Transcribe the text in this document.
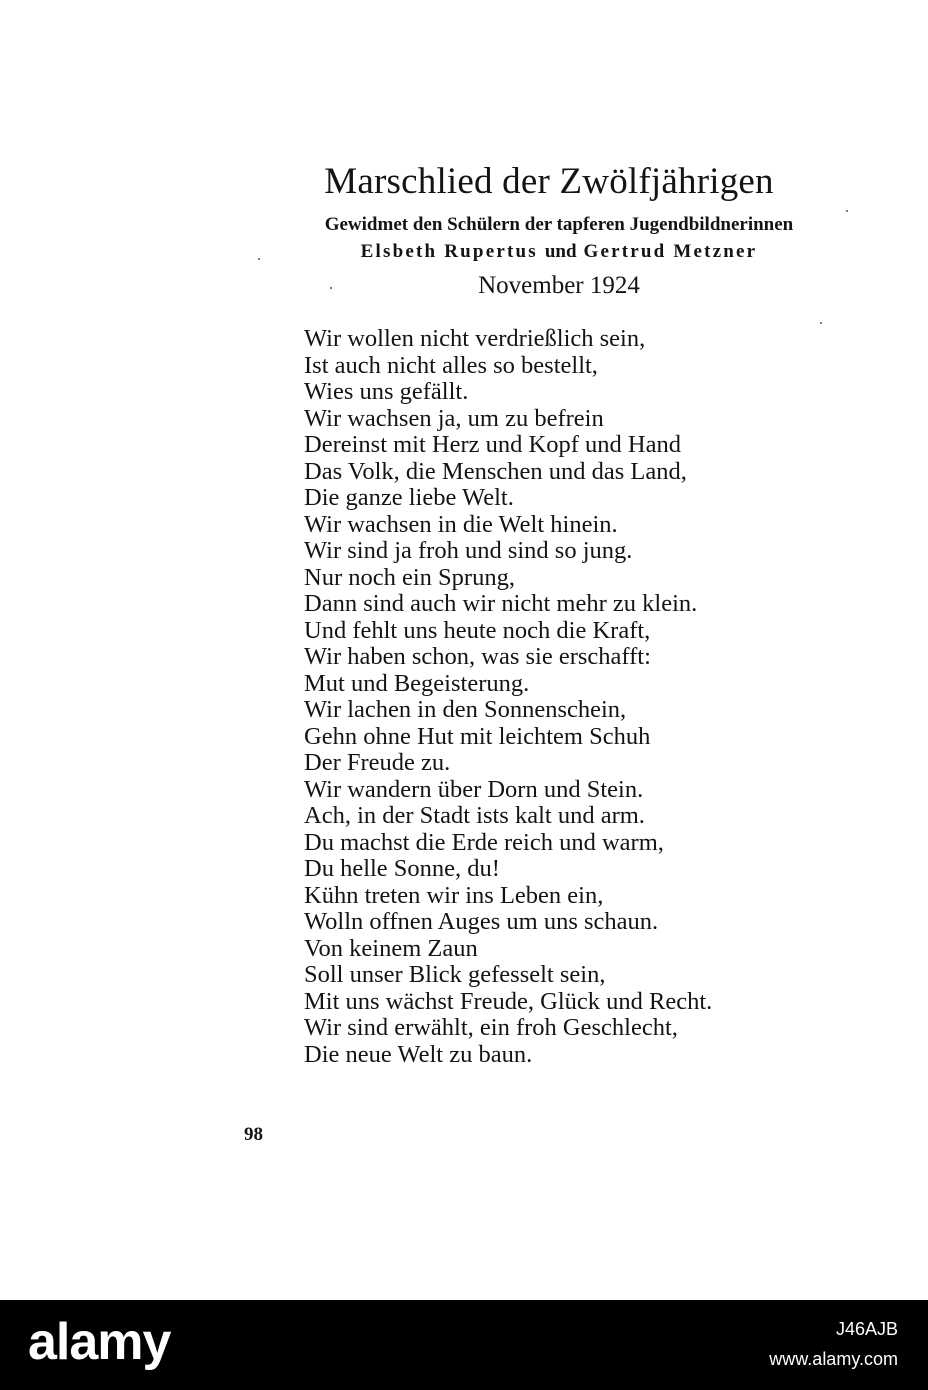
Marschlied der Zwölfjährigen
Gewidmet den Schülern der tapferen Jugendbildnerinnen
Elsbeth Rupertus und Gertrud Metzner
November 1924
Wir wollen nicht verdrießlich sein,
Ist auch nicht alles so bestellt,
Wies uns gefällt.
Wir wachsen ja, um zu befrein
Dereinst mit Herz und Kopf und Hand
Das Volk, die Menschen und das Land,
Die ganze liebe Welt.
Wir wachsen in die Welt hinein.
Wir sind ja froh und sind so jung.
Nur noch ein Sprung,
Dann sind auch wir nicht mehr zu klein.
Und fehlt uns heute noch die Kraft,
Wir haben schon, was sie erschafft:
Mut und Begeisterung.
Wir lachen in den Sonnenschein,
Gehn ohne Hut mit leichtem Schuh
Der Freude zu.
Wir wandern über Dorn und Stein.
Ach, in der Stadt ists kalt und arm.
Du machst die Erde reich und warm,
Du helle Sonne, du!
Kühn treten wir ins Leben ein,
Wolln offnen Auges um uns schaun.
Von keinem Zaun
Soll unser Blick gefesselt sein,
Mit uns wächst Freude, Glück und Recht.
Wir sind erwählt, ein froh Geschlecht,
Die neue Welt zu baun.
98
alamy	J46AJB
www.alamy.com
